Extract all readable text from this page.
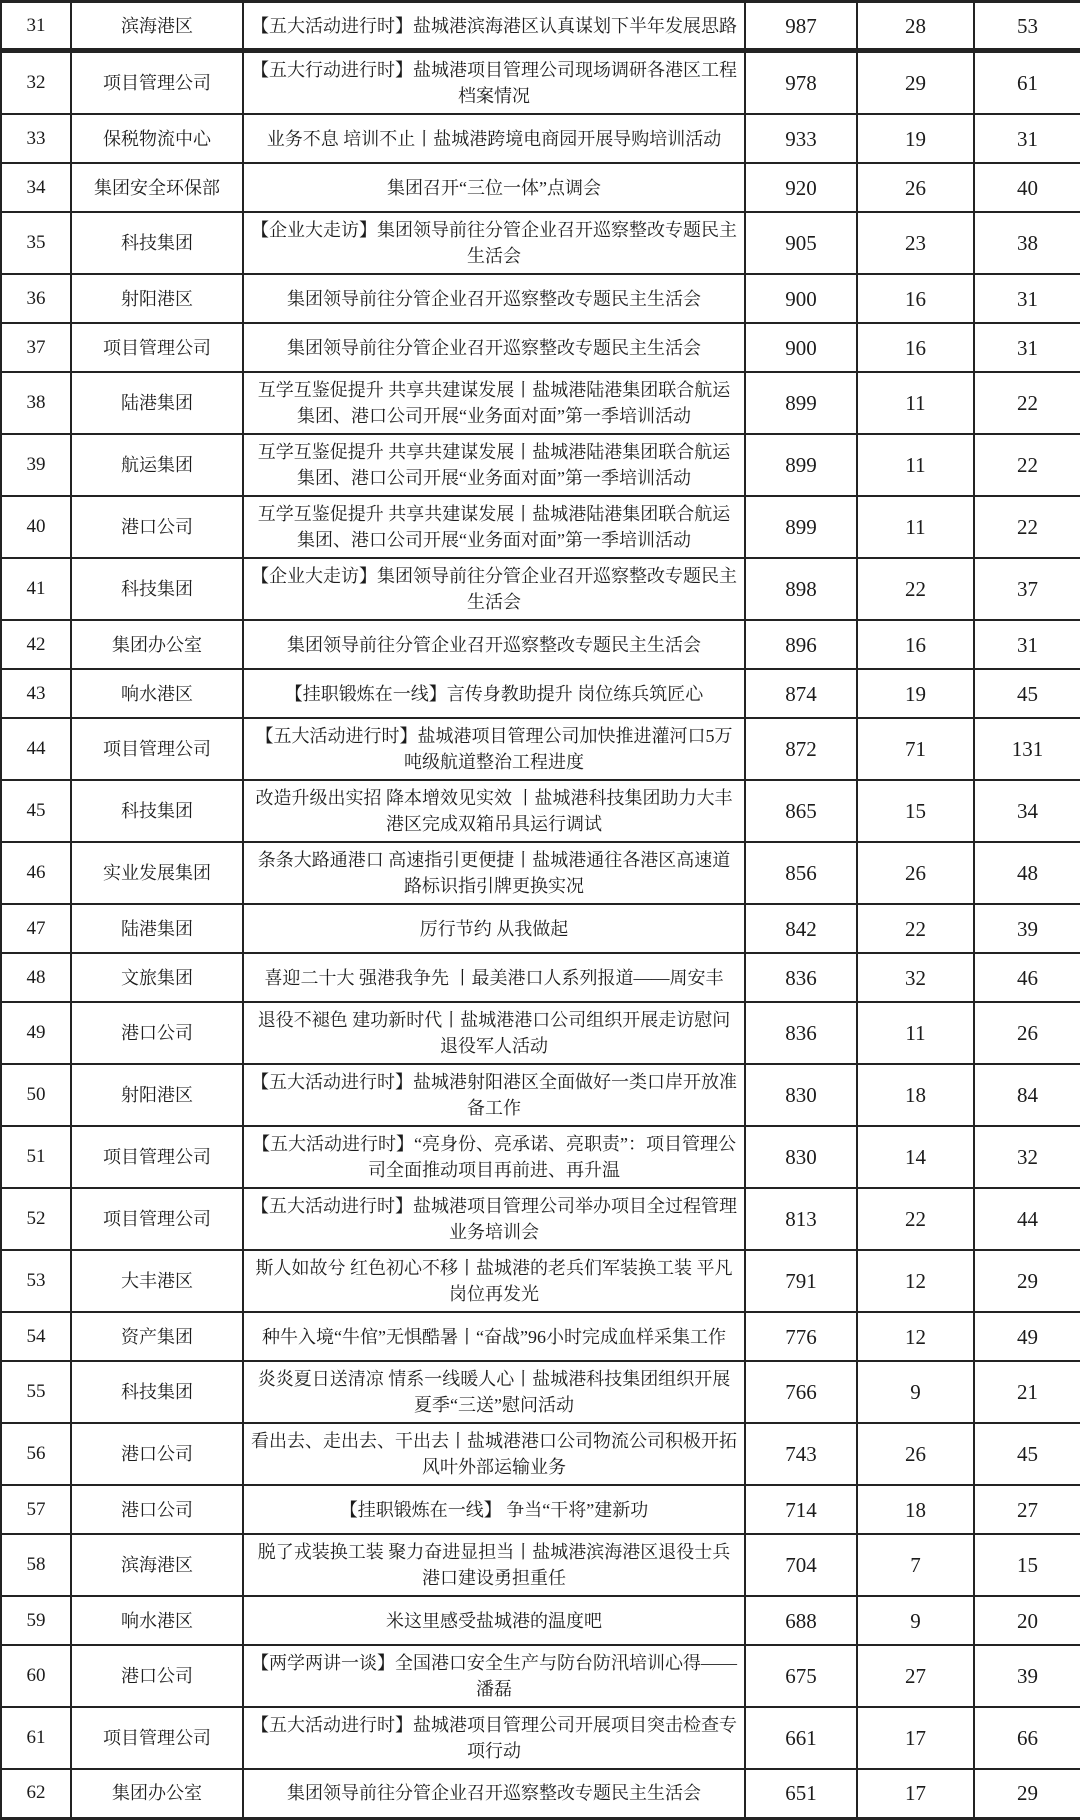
31	滨海港区	【五大活动进行时】盐城港滨海港区认真谋划下半年发展思路	987	28	53
32	项目管理公司	【五大行动进行时】盐城港项目管理公司现场调研各港区工程档案情况	978	29	61
33	保税物流中心	业务不息 培训不止丨盐城港跨境电商园开展导购培训活动	933	19	31
34	集团安全环保部	集团召开“三位一体”点调会	920	26	40
35	科技集团	【企业大走访】集团领导前往分管企业召开巡察整改专题民主生活会	905	23	38
36	射阳港区	集团领导前往分管企业召开巡察整改专题民主生活会	900	16	31
37	项目管理公司	集团领导前往分管企业召开巡察整改专题民主生活会	900	16	31
38	陆港集团	互学互鉴促提升 共享共建谋发展丨盐城港陆港集团联合航运集团、港口公司开展“业务面对面”第一季培训活动	899	11	22
39	航运集团	互学互鉴促提升 共享共建谋发展丨盐城港陆港集团联合航运集团、港口公司开展“业务面对面”第一季培训活动	899	11	22
40	港口公司	互学互鉴促提升 共享共建谋发展丨盐城港陆港集团联合航运集团、港口公司开展“业务面对面”第一季培训活动	899	11	22
41	科技集团	【企业大走访】集团领导前往分管企业召开巡察整改专题民主生活会	898	22	37
42	集团办公室	集团领导前往分管企业召开巡察整改专题民主生活会	896	16	31
43	响水港区	【挂职锻炼在一线】言传身教助提升 岗位练兵筑匠心	874	19	45
44	项目管理公司	【五大活动进行时】盐城港项目管理公司加快推进灌河口5万吨级航道整治工程进度	872	71	131
45	科技集团	改造升级出实招 降本增效见实效 丨盐城港科技集团助力大丰港区完成双箱吊具运行调试	865	15	34
46	实业发展集团	条条大路通港口 高速指引更便捷丨盐城港通往各港区高速道路标识指引牌更换实况	856	26	48
47	陆港集团	厉行节约 从我做起	842	22	39
48	文旅集团	喜迎二十大 强港我争先 丨最美港口人系列报道——周安丰	836	32	46
49	港口公司	退役不褪色 建功新时代丨盐城港港口公司组织开展走访慰问退役军人活动	836	11	26
50	射阳港区	【五大活动进行时】盐城港射阳港区全面做好一类口岸开放准备工作	830	18	84
51	项目管理公司	【五大活动进行时】“亮身份、亮承诺、亮职责”：项目管理公司全面推动项目再前进、再升温	830	14	32
52	项目管理公司	【五大活动进行时】盐城港项目管理公司举办项目全过程管理业务培训会	813	22	44
53	大丰港区	斯人如故兮 红色初心不移丨盐城港的老兵们军装换工装 平凡岗位再发光	791	12	29
54	资产集团	种牛入境“牛倌”无惧酷暑丨“奋战”96小时完成血样采集工作	776	12	49
55	科技集团	炎炎夏日送清凉 情系一线暖人心丨盐城港科技集团组织开展夏季“三送”慰问活动	766	9	21
56	港口公司	看出去、走出去、干出去丨盐城港港口公司物流公司积极开拓风叶外部运输业务	743	26	45
57	港口公司	【挂职锻炼在一线】 争当“干将”建新功	714	18	27
58	滨海港区	脱了戎装换工装 聚力奋进显担当丨盐城港滨海港区退役士兵港口建设勇担重任	704	7	15
59	响水港区	米这里感受盐城港的温度吧	688	9	20
60	港口公司	【两学两讲一谈】全国港口安全生产与防台防汛培训心得——潘磊	675	27	39
61	项目管理公司	【五大活动进行时】盐城港项目管理公司开展项目突击检查专项行动	661	17	66
62	集团办公室	集团领导前往分管企业召开巡察整改专题民主生活会	651	17	29
